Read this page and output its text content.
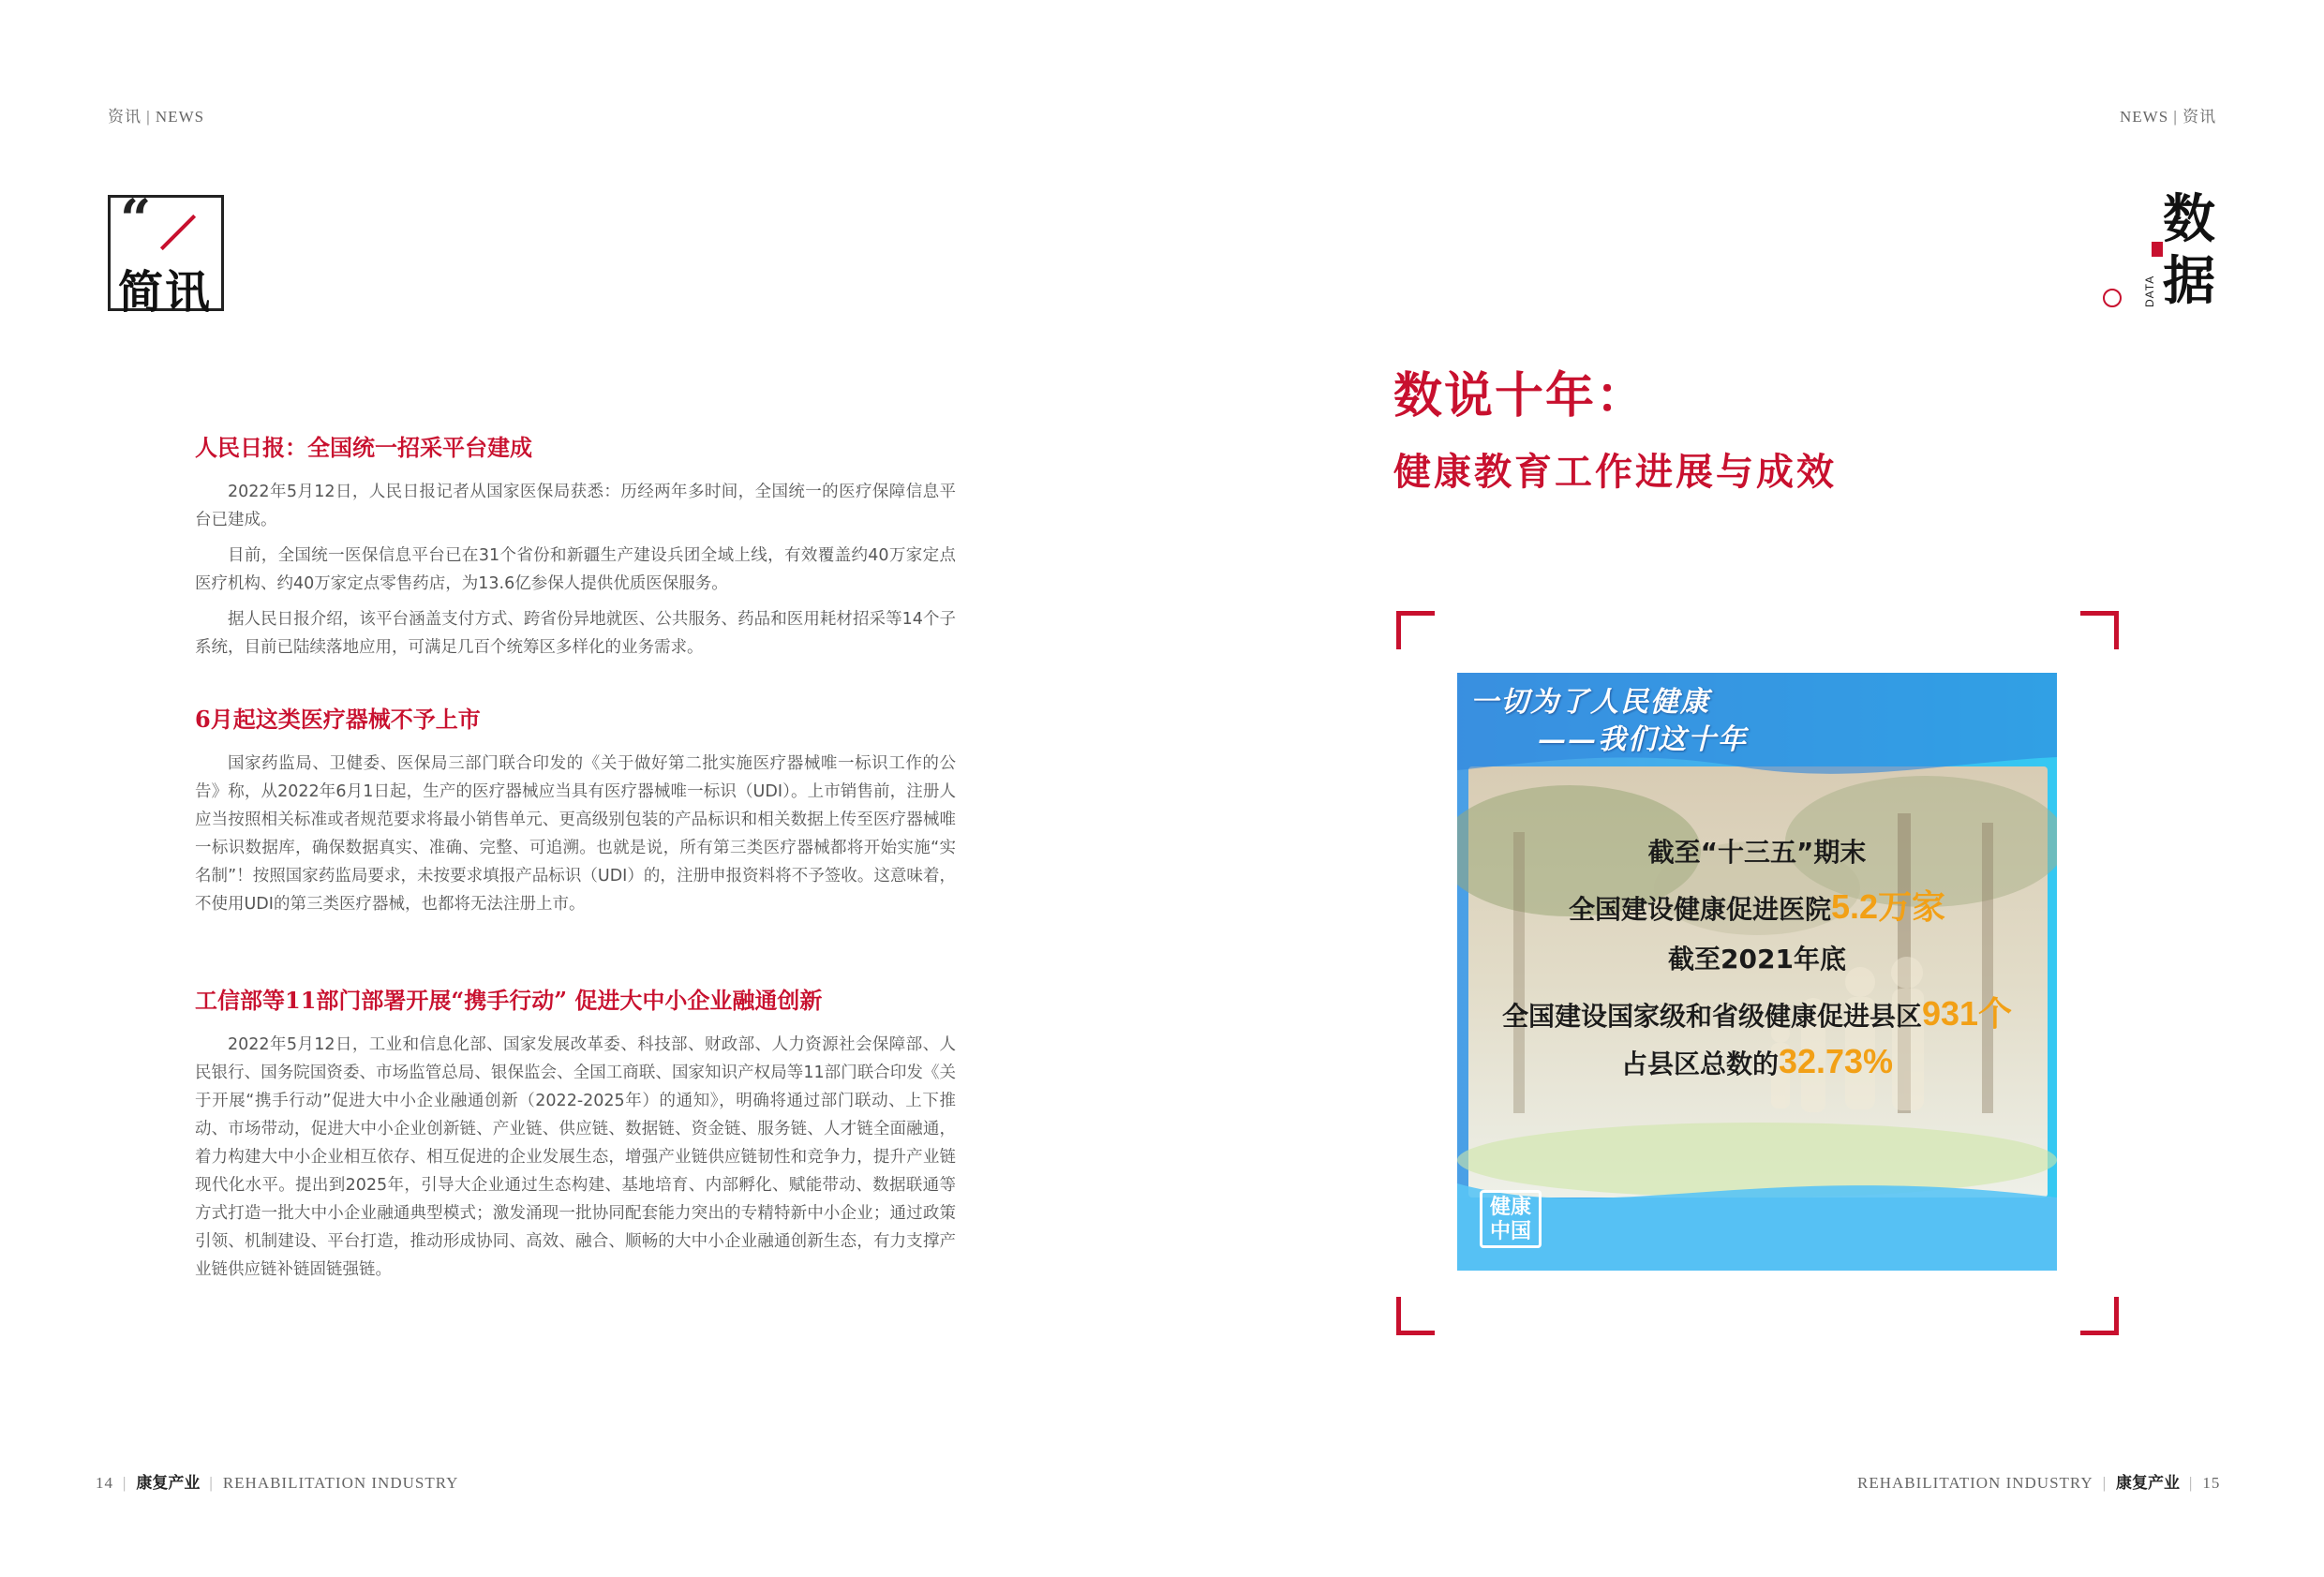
资讯 | NEWS
“
简讯
人民日报：全国统一招采平台建成

2022年5月12日，人民日报记者从国家医保局获悉：历经两年多时间，全国统一的医疗保障信息平台已建成。

目前，全国统一医保信息平台已在31个省份和新疆生产建设兵团全域上线，有效覆盖约40万家定点医疗机构、约40万家定点零售药店，为13.6亿参保人提供优质医保服务。

据人民日报介绍，该平台涵盖支付方式、跨省份异地就医、公共服务、药品和医用耗材招采等14个子系统，目前已陆续落地应用，可满足几百个统筹区多样化的业务需求。

6月起这类医疗器械不予上市

国家药监局、卫健委、医保局三部门联合印发的《关于做好第二批实施医疗器械唯一标识工作的公告》称，从2022年6月1日起，生产的医疗器械应当具有医疗器械唯一标识（UDI）。上市销售前，注册人应当按照相关标准或者规范要求将最小销售单元、更高级别包装的产品标识和相关数据上传至医疗器械唯一标识数据库，确保数据真实、准确、完整、可追溯。也就是说，所有第三类医疗器械都将开始实施“实名制”！按照国家药监局要求，未按要求填报产品标识（UDI）的，注册申报资料将不予签收。这意味着，不使用UDI的第三类医疗器械，也都将无法注册上市。

工信部等11部门部署开展“携手行动” 促进大中小企业融通创新

2022年5月12日，工业和信息化部、国家发展改革委、科技部、财政部、人力资源社会保障部、人民银行、国务院国资委、市场监管总局、银保监会、全国工商联、国家知识产权局等11部门联合印发《关于开展“携手行动”促进大中小企业融通创新（2022-2025年）的通知》，明确将通过部门联动、上下推动、市场带动，促进大中小企业创新链、产业链、供应链、数据链、资金链、服务链、人才链全面融通，着力构建大中小企业相互依存、相互促进的企业发展生态，增强产业链供应链韧性和竞争力，提升产业链现代化水平。提出到2025年，引导大企业通过生态构建、基地培育、内部孵化、赋能带动、数据联通等方式打造一批大中小企业融通典型模式；激发涌现一批协同配套能力突出的专精特新中小企业；通过政策引领、机制建设、平台打造，推动形成协同、高效、融合、顺畅的大中小企业融通创新生态，有力支撑产业链供应链补链固链强链。

14 | 康复产业 | REHABILITATION INDUSTRY
NEWS | 资讯
数
据
DATA
数说十年：
健康教育工作进展与成效
一切为了人民健康
——我们这十年
截至“十三五”期末
全国建设健康促进医院5.2万家
截至2021年底
全国建设国家级和省级健康促进县区931个
占县区总数的32.73%
健康
中国
REHABILITATION INDUSTRY | 康复产业 | 15
